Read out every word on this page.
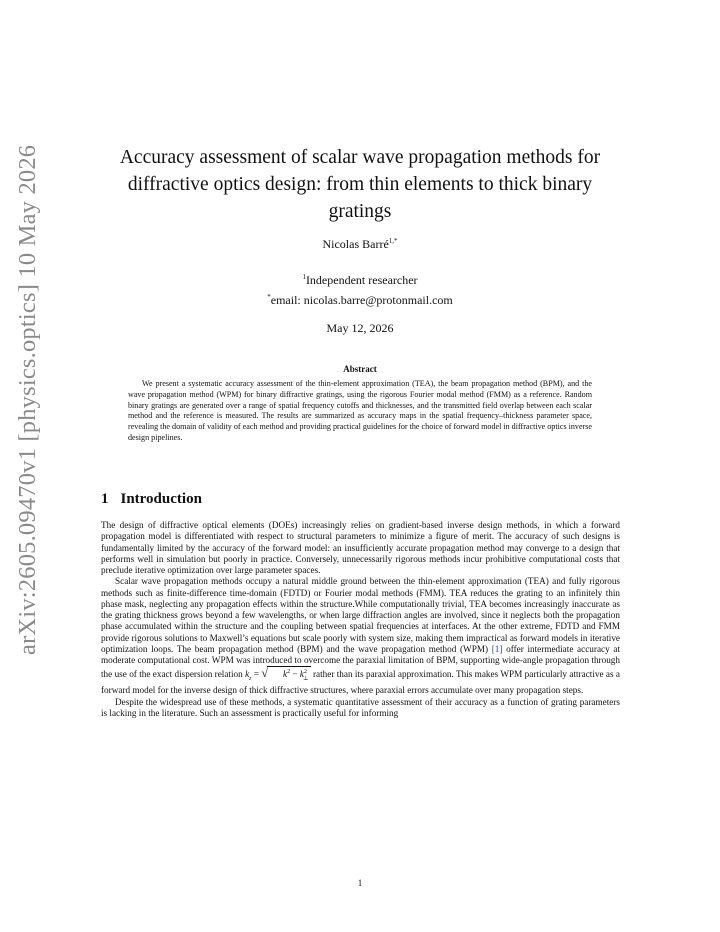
arXiv:2605.09470v1 [physics.optics] 10 May 2026	Accuracy assessment of scalar wave propagation methods for diffractive optics design: from thin elements to thick binary gratings
Nicolas Barré$^{1,*}$
$^1$Independent researcher
*email: nicolas.barre@protonmail.com
May 12, 2026
Abstract
We present a systematic accuracy assessment of the thin-element approximation (TEA), the beam propagation method (BPM), and the wave propagation method (WPM) for binary diffractive gratings, using the rigorous Fourier modal method (FMM) as a reference. Random binary gratings are generated over a range of spatial frequency cutoffs and thicknesses, and the transmitted field overlap between each scalar method and the reference is measured. The results are summarized as accuracy maps in the spatial frequency–thickness parameter space, revealing the domain of validity of each method and providing practical guidelines for the choice of forward model in diffractive optics inverse design pipelines.
1 Introduction

The design of diffractive optical elements (DOEs) increasingly relies on gradient-based inverse design methods, in which a forward propagation model is differentiated with respect to structural parameters to minimize a figure of merit. The accuracy of such designs is fundamentally limited by the accuracy of the forward model: an insufficiently accurate propagation method may converge to a design that performs well in simulation but poorly in practice. Conversely, unnecessarily rigorous methods incur prohibitive computational costs that preclude iterative optimization over large parameter spaces.

Scalar wave propagation methods occupy a natural middle ground between the thin-element approximation (TEA) and fully rigorous methods such as finite-difference time-domain (FDTD) or Fourier modal methods (FMM). TEA reduces the grating to an infinitely thin phase mask, neglecting any propagation effects within the structure.While computationally trivial, TEA becomes increasingly inaccurate as the grating thickness grows beyond a few wavelengths, or when large diffraction angles are involved, since it neglects both the propagation phase accumulated within the structure and the coupling between spatial frequencies at interfaces. At the other extreme, FDTD and FMM provide rigorous solutions to Maxwell’s equations but scale poorly with system size, making them impractical as forward models in iterative optimization loops. The beam propagation method (BPM) and the wave propagation method (WPM) [1] offer intermediate accuracy at moderate computational cost. WPM was introduced to overcome the paraxial limitation of BPM, supporting wide-angle propagation through the use of the exact dispersion relation $k_z$ = √ $k^2 - k^2_\perp$ rather than its paraxial approximation. This makes WPM particularly attractive as a forward model for the inverse design of thick diffractive structures, where paraxial errors accumulate over many propagation steps.

Despite the widespread use of these methods, a systematic quantitative assessment of their accuracy as a function of grating parameters is lacking in the literature. Such an assessment is practically useful for informing

1
